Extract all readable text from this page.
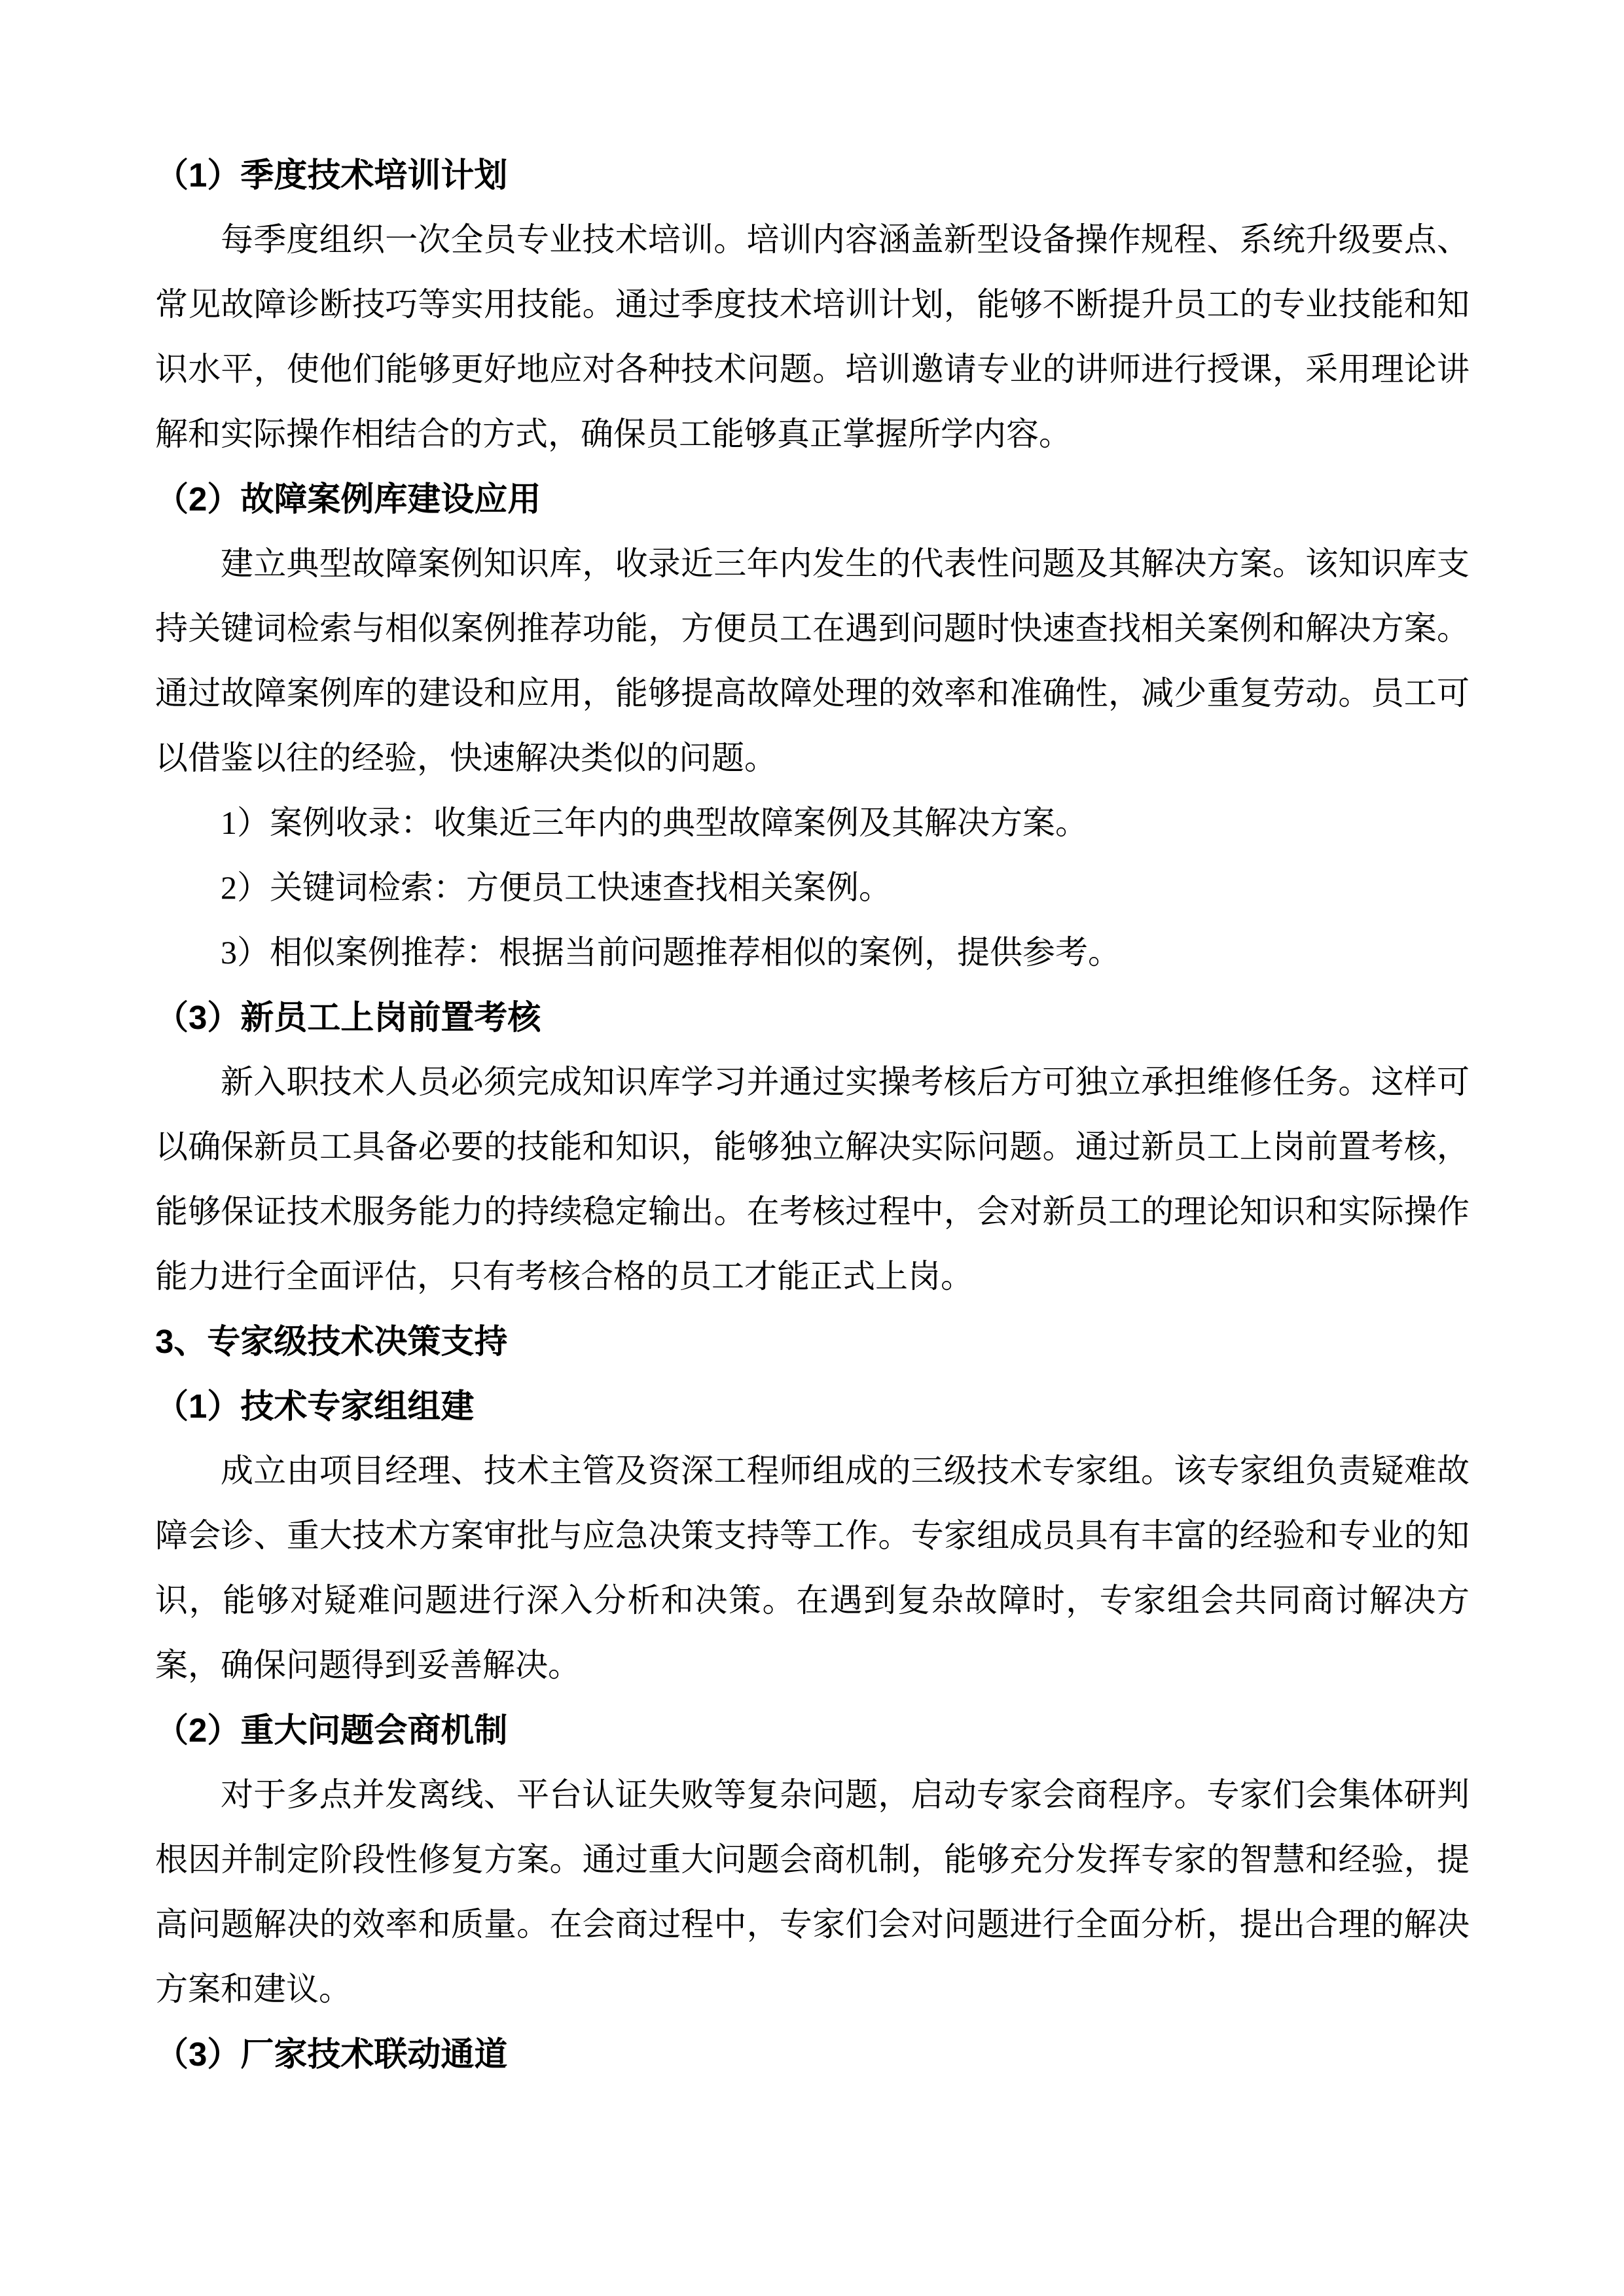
（1）季度技术培训计划

每季度组织一次全员专业技术培训。培训内容涵盖新型设备操作规程、系统升级要点、常见故障诊断技巧等实用技能。通过季度技术培训计划，能够不断提升员工的专业技能和知识水平，使他们能够更好地应对各种技术问题。培训邀请专业的讲师进行授课，采用理论讲解和实际操作相结合的方式，确保员工能够真正掌握所学内容。

（2）故障案例库建设应用

建立典型故障案例知识库，收录近三年内发生的代表性问题及其解决方案。该知识库支持关键词检索与相似案例推荐功能，方便员工在遇到问题时快速查找相关案例和解决方案。通过故障案例库的建设和应用，能够提高故障处理的效率和准确性，减少重复劳动。员工可以借鉴以往的经验，快速解决类似的问题。

1）案例收录：收集近三年内的典型故障案例及其解决方案。

2）关键词检索：方便员工快速查找相关案例。

3）相似案例推荐：根据当前问题推荐相似的案例，提供参考。

（3）新员工上岗前置考核

新入职技术人员必须完成知识库学习并通过实操考核后方可独立承担维修任务。这样可以确保新员工具备必要的技能和知识，能够独立解决实际问题。通过新员工上岗前置考核，能够保证技术服务能力的持续稳定输出。在考核过程中，会对新员工的理论知识和实际操作能力进行全面评估，只有考核合格的员工才能正式上岗。

3、专家级技术决策支持
（1）技术专家组组建

成立由项目经理、技术主管及资深工程师组成的三级技术专家组。该专家组负责疑难故障会诊、重大技术方案审批与应急决策支持等工作。专家组成员具有丰富的经验和专业的知识，能够对疑难问题进行深入分析和决策。在遇到复杂故障时，专家组会共同商讨解决方案，确保问题得到妥善解决。

（2）重大问题会商机制

对于多点并发离线、平台认证失败等复杂问题，启动专家会商程序。专家们会集体研判根因并制定阶段性修复方案。通过重大问题会商机制，能够充分发挥专家的智慧和经验，提高问题解决的效率和质量。在会商过程中，专家们会对问题进行全面分析，提出合理的解决方案和建议。

（3）厂家技术联动通道
